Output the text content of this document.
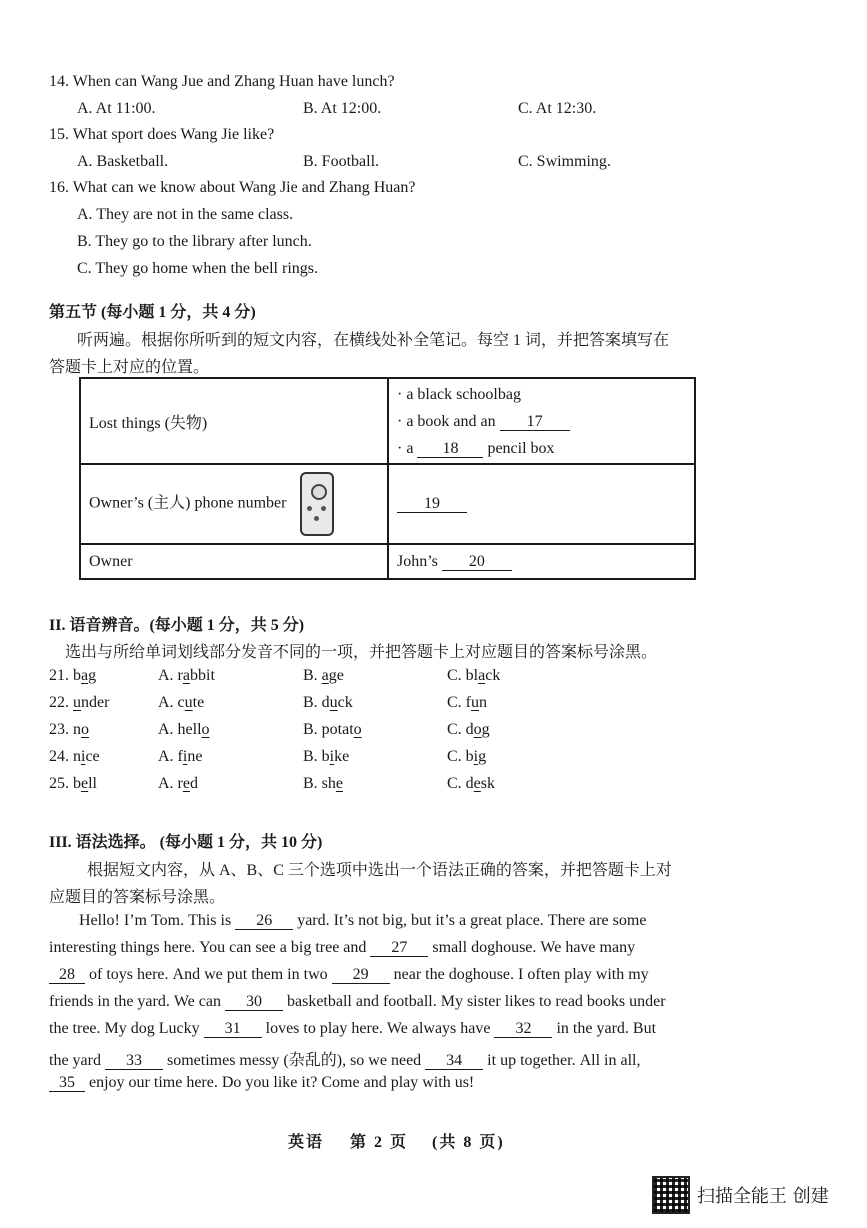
14. When can Wang Jue and Zhang Huan have lunch?
A. At 11:00.	B. At 12:00.	C. At 12:30.
15. What sport does Wang Jie like?
A. Basketball.	B. Football.	C. Swimming.
16. What can we know about Wang Jie and Zhang Huan?
A. They are not in the same class.
B. They go to the library after lunch.
C. They go home when the bell rings.
第五节 (每小题 1 分，共 4 分)
听两遍。根据你所听到的短文内容，在横线处补全笔记。每空 1 词，并把答案填写在
答题卡上对应的位置。
Lost things (失物)	· a black schoolbag
· a book and an 17
· a 18 pencil box

Owner’s (主人) phone number	19
Owner	John’s 20
II. 语音辨音。(每小题 1 分，共 5 分)
选出与所给单词划线部分发音不同的一项，并把答题卡上对应题目的答案标号涂黑。
21. bag	A. rabbit	B. age	C. black
22. under	A. cute	B. duck	C. fun
23. no	A. hello	B. potato	C. dog
24. nice	A. fine	B. bike	C. big
25. bell	A. red	B. she	C. desk
III. 语法选择。 (每小题 1 分，共 10 分)
根据短文内容，从 A、B、C 三个选项中选出一个语法正确的答案，并把答题卡上对
应题目的答案标号涂黑。
Hello! I’m Tom. This is 26 yard. It’s not big, but it’s a great place. There are some
interesting things here. You can see a big tree and 27 small doghouse. We have many
28 of toys here. And we put them in two 29 near the doghouse. I often play with my
friends in the yard. We can 30 basketball and football. My sister likes to read books under
the tree. My dog Lucky 31 loves to play here. We always have 32 in the yard. But
the yard 33 sometimes messy (杂乱的), so we need 34 it up together. All in all,
35 enjoy our time here. Do you like it? Come and play with us!
英语 第 2 页 (共 8 页)
扫描全能王 创建
